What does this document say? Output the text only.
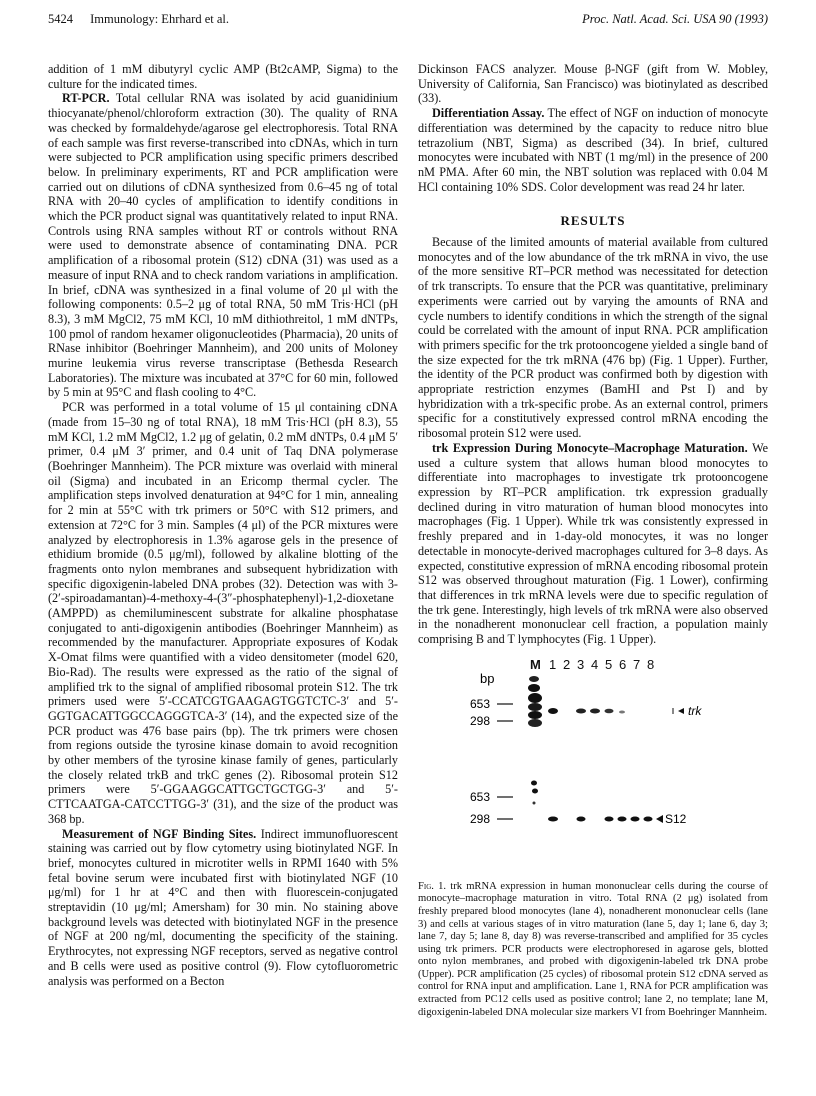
5424 Immunology: Ehrhard et al.	Proc. Natl. Acad. Sci. USA 90 (1993)

addition of 1 mM dibutyryl cyclic AMP (Bt2cAMP, Sigma) to the culture for the indicated times.

RT-PCR. Total cellular RNA was isolated by acid guanidinium thiocyanate/phenol/chloroform extraction (30). The quality of RNA was checked by formaldehyde/agarose gel electrophoresis. Total RNA of each sample was first reverse-transcribed into cDNAs, which in turn were subjected to PCR amplification using specific primers described below. In preliminary experiments, RT and PCR amplification were carried out on dilutions of cDNA synthesized from 0.6–45 ng of total RNA with 20–40 cycles of amplification to identify conditions in which the PCR product signal was quantitatively related to input RNA. Controls using RNA samples without RT or controls without RNA were used to demonstrate absence of contaminating DNA. PCR amplification of a ribosomal protein (S12) cDNA (31) was used as a measure of input RNA and to check random variations in amplification. In brief, cDNA was synthesized in a final volume of 20 μl with the following components: 0.5–2 μg of total RNA, 50 mM Tris·HCl (pH 8.3), 3 mM MgCl2, 75 mM KCl, 10 mM dithiothreitol, 1 mM dNTPs, 100 pmol of random hexamer oligonucleotides (Pharmacia), 20 units of RNase inhibitor (Boehringer Mannheim), and 200 units of Moloney murine leukemia virus reverse transcriptase (Bethesda Research Laboratories). The mixture was incubated at 37°C for 60 min, followed by 5 min at 95°C and flash cooling to 4°C.

PCR was performed in a total volume of 15 μl containing cDNA (made from 15–30 ng of total RNA), 18 mM Tris·HCl (pH 8.3), 55 mM KCl, 1.2 mM MgCl2, 1.2 μg of gelatin, 0.2 mM dNTPs, 0.4 μM 5′ primer, 0.4 μM 3′ primer, and 0.4 unit of Taq DNA polymerase (Boehringer Mannheim). The PCR mixture was overlaid with mineral oil (Sigma) and incubated in an Ericomp thermal cycler. The amplification steps involved denaturation at 94°C for 1 min, annealing for 2 min at 55°C with trk primers or 50°C with S12 primers, and extension at 72°C for 3 min. Samples (4 μl) of the PCR mixtures were analyzed by electrophoresis in 1.3% agarose gels in the presence of ethidium bromide (0.5 μg/ml), followed by alkaline blotting of the fragments onto nylon membranes and subsequent hybridization with specific digoxigenin-labeled DNA probes (32). Detection was with 3-(2′-spiroadamantan)-4-methoxy-4-(3″-phosphatephenyl)-1,2-dioxetane (AMPPD) as chemiluminescent substrate for alkaline phosphatase conjugated to anti-digoxigenin antibodies (Boehringer Mannheim) as recommended by the manufacturer. Appropriate exposures of Kodak X-Omat films were quantified with a video densitometer (model 620, Bio-Rad). The results were expressed as the ratio of the signal of amplified trk to the signal of amplified ribosomal protein S12. The trk primers used were 5′-CCATCGTGAAGAGTGGTCTC-3′ and 5′-GGTGACATTGGCCAGGGTCA-3′ (14), and the expected size of the PCR product was 476 base pairs (bp). The trk primers were chosen from regions outside the tyrosine kinase domain to avoid recognition by other members of the tyrosine kinase family of genes, particularly the closely related trkB and trkC genes (2). Ribosomal protein S12 primers were 5′-GGAAGGCATTGCTGCTGG-3′ and 5′-CTTCAATGA-CATCCTTGG-3′ (31), and the size of the product was 368 bp.

Measurement of NGF Binding Sites. Indirect immunofluorescent staining was carried out by flow cytometry using biotinylated NGF. In brief, monocytes cultured in microtiter wells in RPMI 1640 with 5% fetal bovine serum were incubated first with biotinylated NGF (10 μg/ml) for 1 hr at 4°C and then with fluorescein-conjugated streptavidin (10 μg/ml; Amersham) for 30 min. No staining above background levels was detected with biotinylated NGF in the presence of NGF at 200 ng/ml, documenting the specificity of the staining. Erythrocytes, not expressing NGF receptors, served as negative control and B cells were used as positive control (9). Flow cytofluorometric analysis was performed on a Becton

Dickinson FACS analyzer. Mouse β-NGF (gift from W. Mobley, University of California, San Francisco) was biotinylated as described (33).

Differentiation Assay. The effect of NGF on induction of monocyte differentiation was determined by the capacity to reduce nitro blue tetrazolium (NBT, Sigma) as described (34). In brief, cultured monocytes were incubated with NBT (1 mg/ml) in the presence of 200 nM PMA. After 60 min, the NBT solution was replaced with 0.04 M HCl containing 10% SDS. Color development was read 24 hr later.

RESULTS

Because of the limited amounts of material available from cultured monocytes and of the low abundance of the trk mRNA in vivo, the use of the more sensitive RT–PCR method was necessitated for detection of trk transcripts. To ensure that the PCR was quantitative, preliminary experiments were carried out by varying the amounts of RNA and cycle numbers to identify conditions in which the strength of the signal could be correlated with the amount of input RNA. PCR amplification with primers specific for the trk protooncogene yielded a single band of the size expected for the trk mRNA (476 bp) (Fig. 1 Upper). Further, the identity of the PCR product was confirmed both by digestion with appropriate restriction enzymes (BamHI and Pst I) and by hybridization with a trk-specific probe. As an external control, primers specific for a constitutively expressed control mRNA encoding the ribosomal protein S12 were used.

trk Expression During Monocyte–Macrophage Maturation. We used a culture system that allows human blood monocytes to differentiate into macrophages to investigate trk protooncogene expression by RT–PCR amplification. trk expression gradually declined during in vitro maturation of human blood monocytes into macrophages (Fig. 1 Upper). While trk was consistently expressed in freshly prepared and in 1-day-old monocytes, it was no longer detectable in monocyte-derived macrophages cultured for 3–8 days. As expected, constitutive expression of mRNA encoding ribosomal protein S12 was observed throughout maturation (Fig. 1 Lower), confirming that differences in trk mRNA levels were due to specific regulation of the trk gene. Interestingly, high levels of trk mRNA were also observed in the nonadherent mononuclear cell fraction, a population mainly comprising B and T lymphocytes (Fig. 1 Upper).

M 1 2 3 4 5 6 7 8
bp
653
298
trk
653
298	S12
Fig. 1. trk mRNA expression in human mononuclear cells during the course of monocyte–macrophage maturation in vitro. Total RNA (2 μg) isolated from freshly prepared blood monocytes (lane 4), nonadherent mononuclear cells (lane 3) and cells at various stages of in vitro maturation (lane 5, day 1; lane 6, day 3; lane 7, day 5; lane 8, day 8) was reverse-transcribed and amplified for 35 cycles using trk primers. PCR products were electrophoresed in agarose gels, blotted onto nylon membranes, and probed with digoxigenin-labeled trk DNA probe (Upper). PCR amplification (25 cycles) of ribosomal protein S12 cDNA served as control for RNA input and amplification. Lane 1, RNA for PCR amplification was extracted from PC12 cells used as positive control; lane 2, no template; lane M, digoxigenin-labeled DNA molecular size markers VI from Boehringer Mannheim.
